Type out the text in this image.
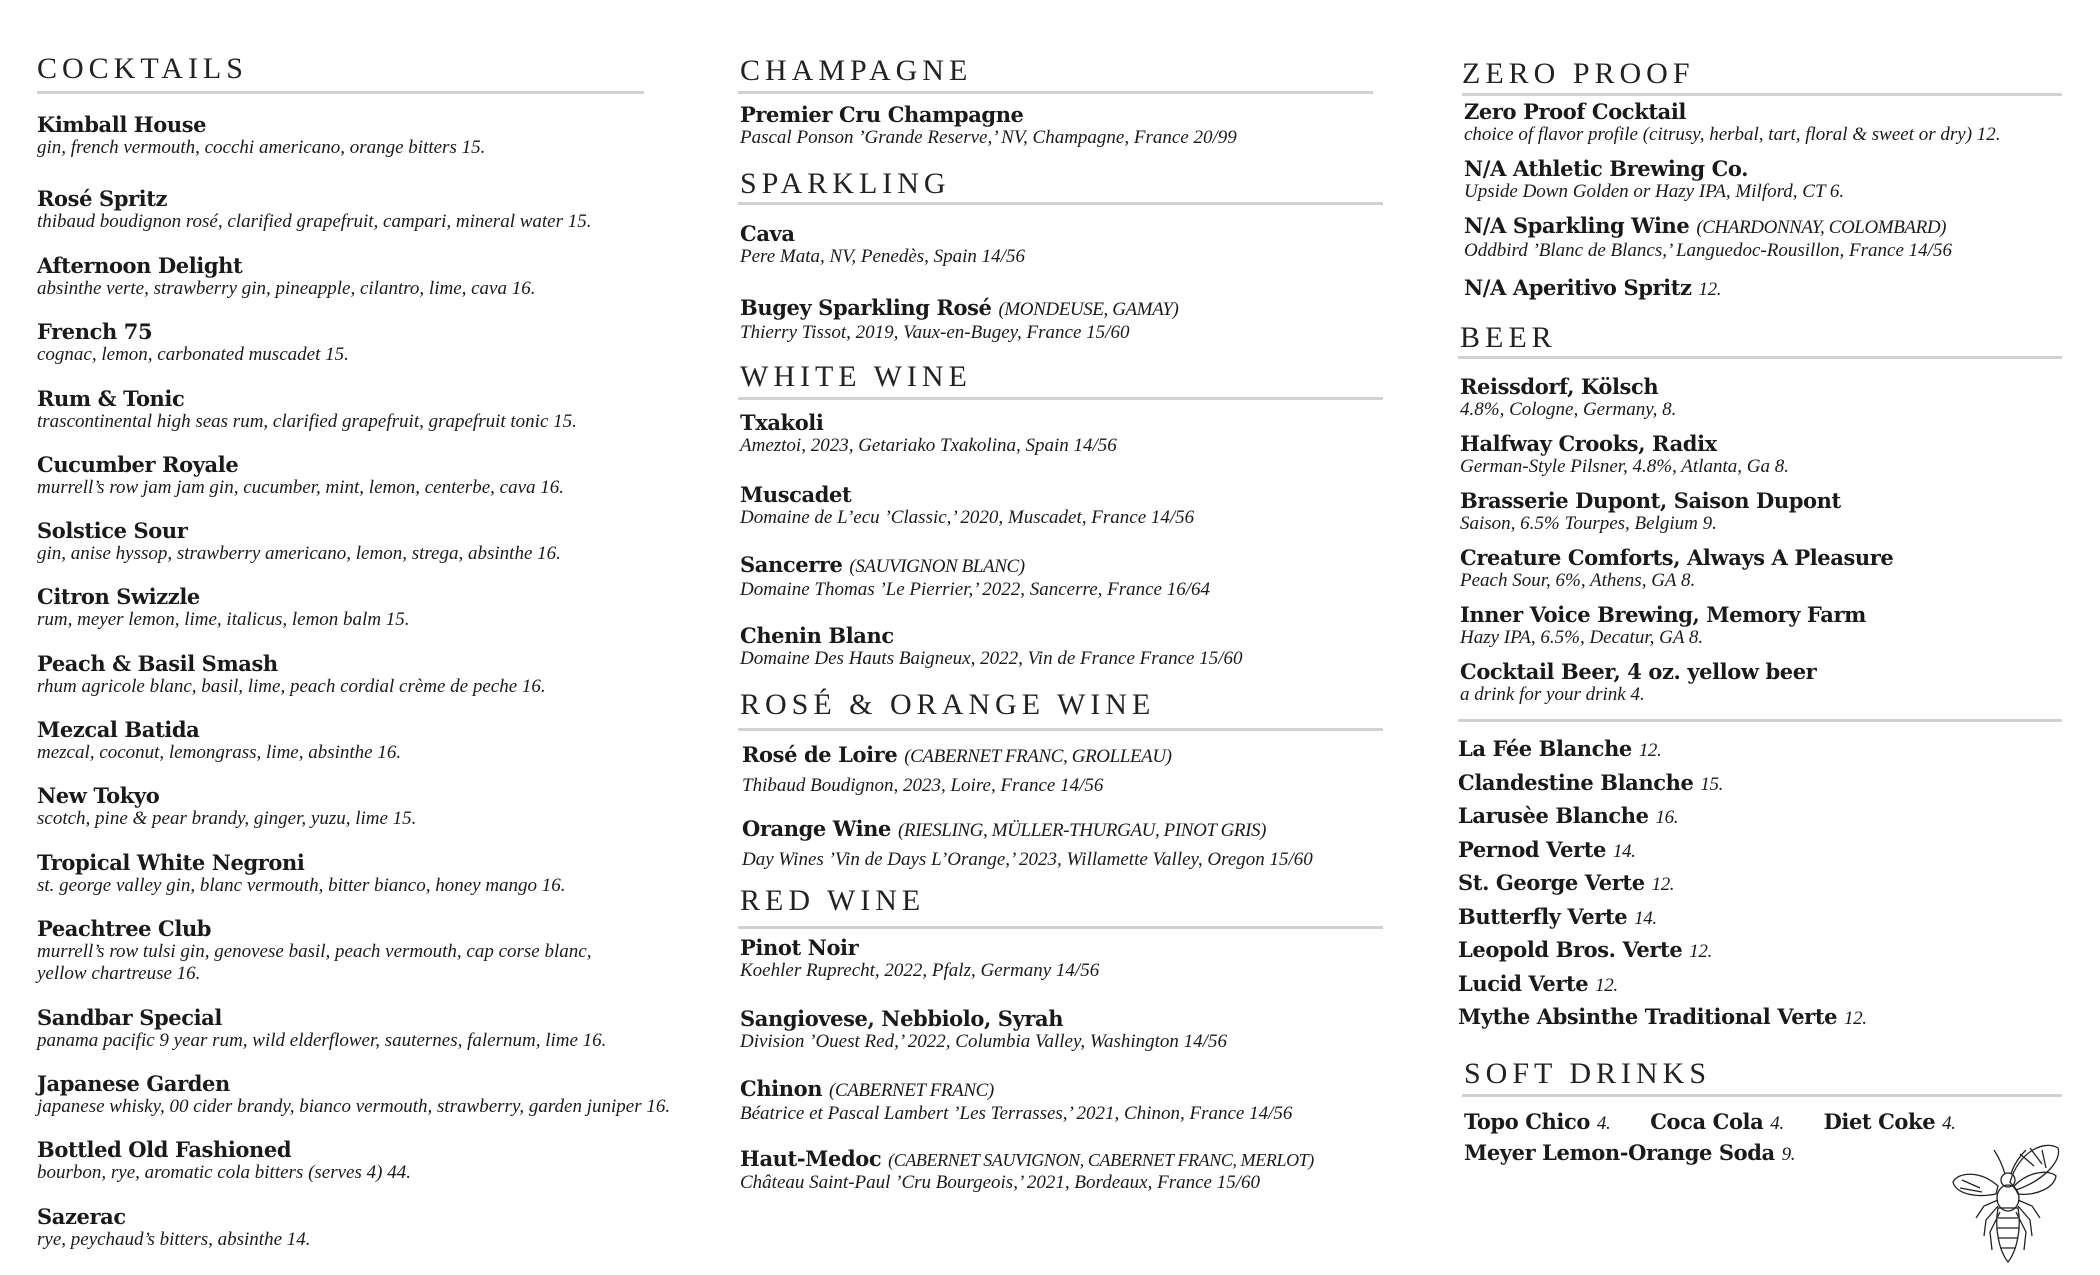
COCKTAILS
Kimball House
gin, french vermouth, cocchi americano, orange bitters 15.
Rosé Spritz
thibaud boudignon rosé, clarified grapefruit, campari, mineral water 15.
Afternoon Delight
absinthe verte, strawberry gin, pineapple, cilantro, lime, cava 16.
French 75
cognac, lemon, carbonated muscadet 15.
Rum & Tonic
trascontinental high seas rum, clarified grapefruit, grapefruit tonic 15.
Cucumber Royale
murrell’s row jam jam gin, cucumber, mint, lemon, centerbe, cava 16.
Solstice Sour
gin, anise hyssop, strawberry americano, lemon, strega, absinthe 16.
Citron Swizzle
rum, meyer lemon, lime, italicus, lemon balm 15.
Peach & Basil Smash
rhum agricole blanc, basil, lime, peach cordial crème de peche 16.
Mezcal Batida
mezcal, coconut, lemongrass, lime, absinthe 16.
New Tokyo
scotch, pine & pear brandy, ginger, yuzu, lime 15.
Tropical White Negroni
st. george valley gin, blanc vermouth, bitter bianco, honey mango 16.
Peachtree Club
murrell’s row tulsi gin, genovese basil, peach vermouth, cap corse blanc,
yellow chartreuse 16.
Sandbar Special
panama pacific 9 year rum, wild elderflower, sauternes, falernum, lime 16.
Japanese Garden
japanese whisky, 00 cider brandy, bianco vermouth, strawberry, garden juniper 16.
Bottled Old Fashioned
bourbon, rye, aromatic cola bitters (serves 4) 44.
Sazerac
rye, peychaud’s bitters, absinthe 14.
CHAMPAGNE
Premier Cru Champagne
Pascal Ponson ’Grande Reserve,’ NV, Champagne, France 20/99
SPARKLING
Cava
Pere Mata, NV, Penedès, Spain 14/56
Bugey Sparkling Rosé (MONDEUSE, GAMAY)
Thierry Tissot, 2019, Vaux-en-Bugey, France 15/60
WHITE WINE
Txakoli
Ameztoi, 2023, Getariako Txakolina, Spain 14/56
Muscadet
Domaine de L’ecu ’Classic,’ 2020, Muscadet, France 14/56
Sancerre (SAUVIGNON BLANC)
Domaine Thomas ’Le Pierrier,’ 2022, Sancerre, France 16/64
Chenin Blanc
Domaine Des Hauts Baigneux, 2022, Vin de France France 15/60
ROSÉ & ORANGE WINE
Rosé de Loire (CABERNET FRANC, GROLLEAU)
Thibaud Boudignon, 2023, Loire, France 14/56
Orange Wine (RIESLING, MÜLLER-THURGAU, PINOT GRIS)
Day Wines ’Vin de Days L’Orange,’ 2023, Willamette Valley, Oregon 15/60
RED WINE
Pinot Noir
Koehler Ruprecht, 2022, Pfalz, Germany 14/56
Sangiovese, Nebbiolo, Syrah
Division ’Ouest Red,’ 2022, Columbia Valley, Washington 14/56
Chinon (CABERNET FRANC)
Béatrice et Pascal Lambert ’Les Terrasses,’ 2021, Chinon, France 14/56
Haut-Medoc (CABERNET SAUVIGNON, CABERNET FRANC, MERLOT)
Château Saint-Paul ’Cru Bourgeois,’ 2021, Bordeaux, France 15/60
ZERO PROOF
Zero Proof Cocktail
choice of flavor profile (citrusy, herbal, tart, floral & sweet or dry) 12.
N/A Athletic Brewing Co.
Upside Down Golden or Hazy IPA, Milford, CT 6.
N/A Sparkling Wine (CHARDONNAY, COLOMBARD)
Oddbird ’Blanc de Blancs,’ Languedoc-Rousillon, France 14/56
N/A Aperitivo Spritz 12.
BEER
Reissdorf, Kölsch
4.8%, Cologne, Germany, 8.
Halfway Crooks, Radix
German-Style Pilsner, 4.8%, Atlanta, Ga 8.
Brasserie Dupont, Saison Dupont
Saison, 6.5% Tourpes, Belgium 9.
Creature Comforts, Always A Pleasure
Peach Sour, 6%, Athens, GA 8.
Inner Voice Brewing, Memory Farm
Hazy IPA, 6.5%, Decatur, GA 8.
Cocktail Beer, 4 oz. yellow beer
a drink for your drink 4.
La Fée Blanche 12.
Clandestine Blanche 15.
Larusèe Blanche 16.
Pernod Verte 14.
St. George Verte 12.
Butterfly Verte 14.
Leopold Bros. Verte 12.
Lucid Verte 12.
Mythe Absinthe Traditional Verte 12.
SOFT DRINKS
Topo Chico 4. Coca Cola 4. Diet Coke 4.
Meyer Lemon-Orange Soda 9.
